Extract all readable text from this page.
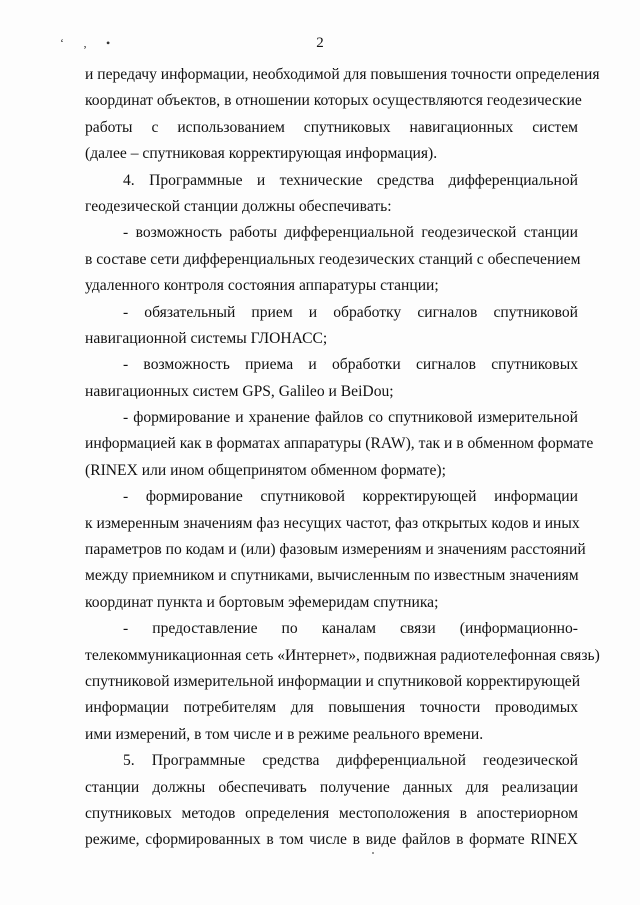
‘ ‚ •	2
и передачу информации, необходимой для повышения точности определения
координат объектов, в отношении которых осуществляются геодезические
работы с использованием спутниковых навигационных систем
(далее – спутниковая корректирующая информация).
4. Программные и технические средства дифференциальной
геодезической станции должны обеспечивать:
- возможность работы дифференциальной геодезической станции
в составе сети дифференциальных геодезических станций с обеспечением
удаленного контроля состояния аппаратуры станции;
- обязательный прием и обработку сигналов спутниковой
навигационной системы ГЛОНАСС;
- возможность приема и обработки сигналов спутниковых
навигационных систем GPS, Galileo и BeiDou;
- формирование и хранение файлов со спутниковой измерительной
информацией как в форматах аппаратуры (RAW), так и в обменном формате
(RINEX или ином общепринятом обменном формате);
- формирование спутниковой корректирующей информации
к измеренным значениям фаз несущих частот, фаз открытых кодов и иных
параметров по кодам и (или) фазовым измерениям и значениям расстояний
между приемником и спутниками, вычисленным по известным значениям
координат пункта и бортовым эфемеридам спутника;
- предоставление по каналам связи (информационно-
телекоммуникационная сеть «Интернет», подвижная радиотелефонная связь)
спутниковой измерительной информации и спутниковой корректирующей
информации потребителям для повышения точности проводимых
ими измерений, в том числе и в режиме реального времени.
5. Программные средства дифференциальной геодезической
станции должны обеспечивать получение данных для реализации
спутниковых методов определения местоположения в апостериорном
режиме, сформированных в том числе в виде файлов в формате RINEX
